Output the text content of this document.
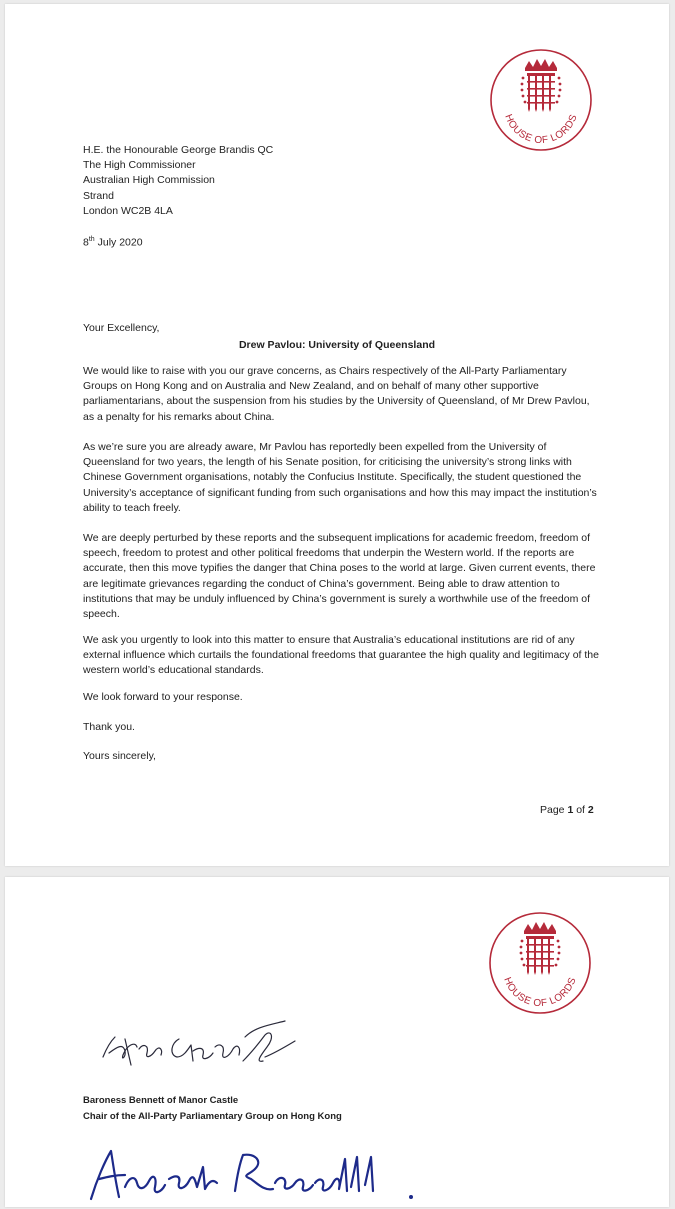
HOUSE OF LORDS
H.E. the Honourable George Brandis QC
The High Commissioner
Australian High Commission
Strand
London WC2B 4LA
8th July 2020
Your Excellency,
Drew Pavlou: University of Queensland

We would like to raise with you our grave concerns, as Chairs respectively of the All-Party Parliamentary Groups on Hong Kong and on Australia and New Zealand, and on behalf of many other supportive parliamentarians, about the suspension from his studies by the University of Queensland, of Mr Drew Pavlou, as a penalty for his remarks about China.

As we’re sure you are already aware, Mr Pavlou has reportedly been expelled from the University of Queensland for two years, the length of his Senate position, for criticising the university’s strong links with Chinese Government organisations, notably the Confucius Institute. Specifically, the student questioned the University’s acceptance of significant funding from such organisations and how this may impact the institution’s ability to teach freely.

We are deeply perturbed by these reports and the subsequent implications for academic freedom, freedom of speech, freedom to protest and other political freedoms that underpin the Western world. If the reports are accurate, then this move typifies the danger that China poses to the world at large. Given current events, there are legitimate grievances regarding the conduct of China’s government. Being able to draw attention to institutions that may be unduly influenced by China’s government is surely a worthwhile use of the freedom of speech.

We ask you urgently to look into this matter to ensure that Australia’s educational institutions are rid of any external influence which curtails the foundational freedoms that guarantee the high quality and legitimacy of the western world’s educational standards.

We look forward to your response.

Thank you.

Yours sincerely,

Page 1 of 2
HOUSE OF LORDS
Baroness Bennett of Manor Castle
Chair of the All-Party Parliamentary Group on Hong Kong
